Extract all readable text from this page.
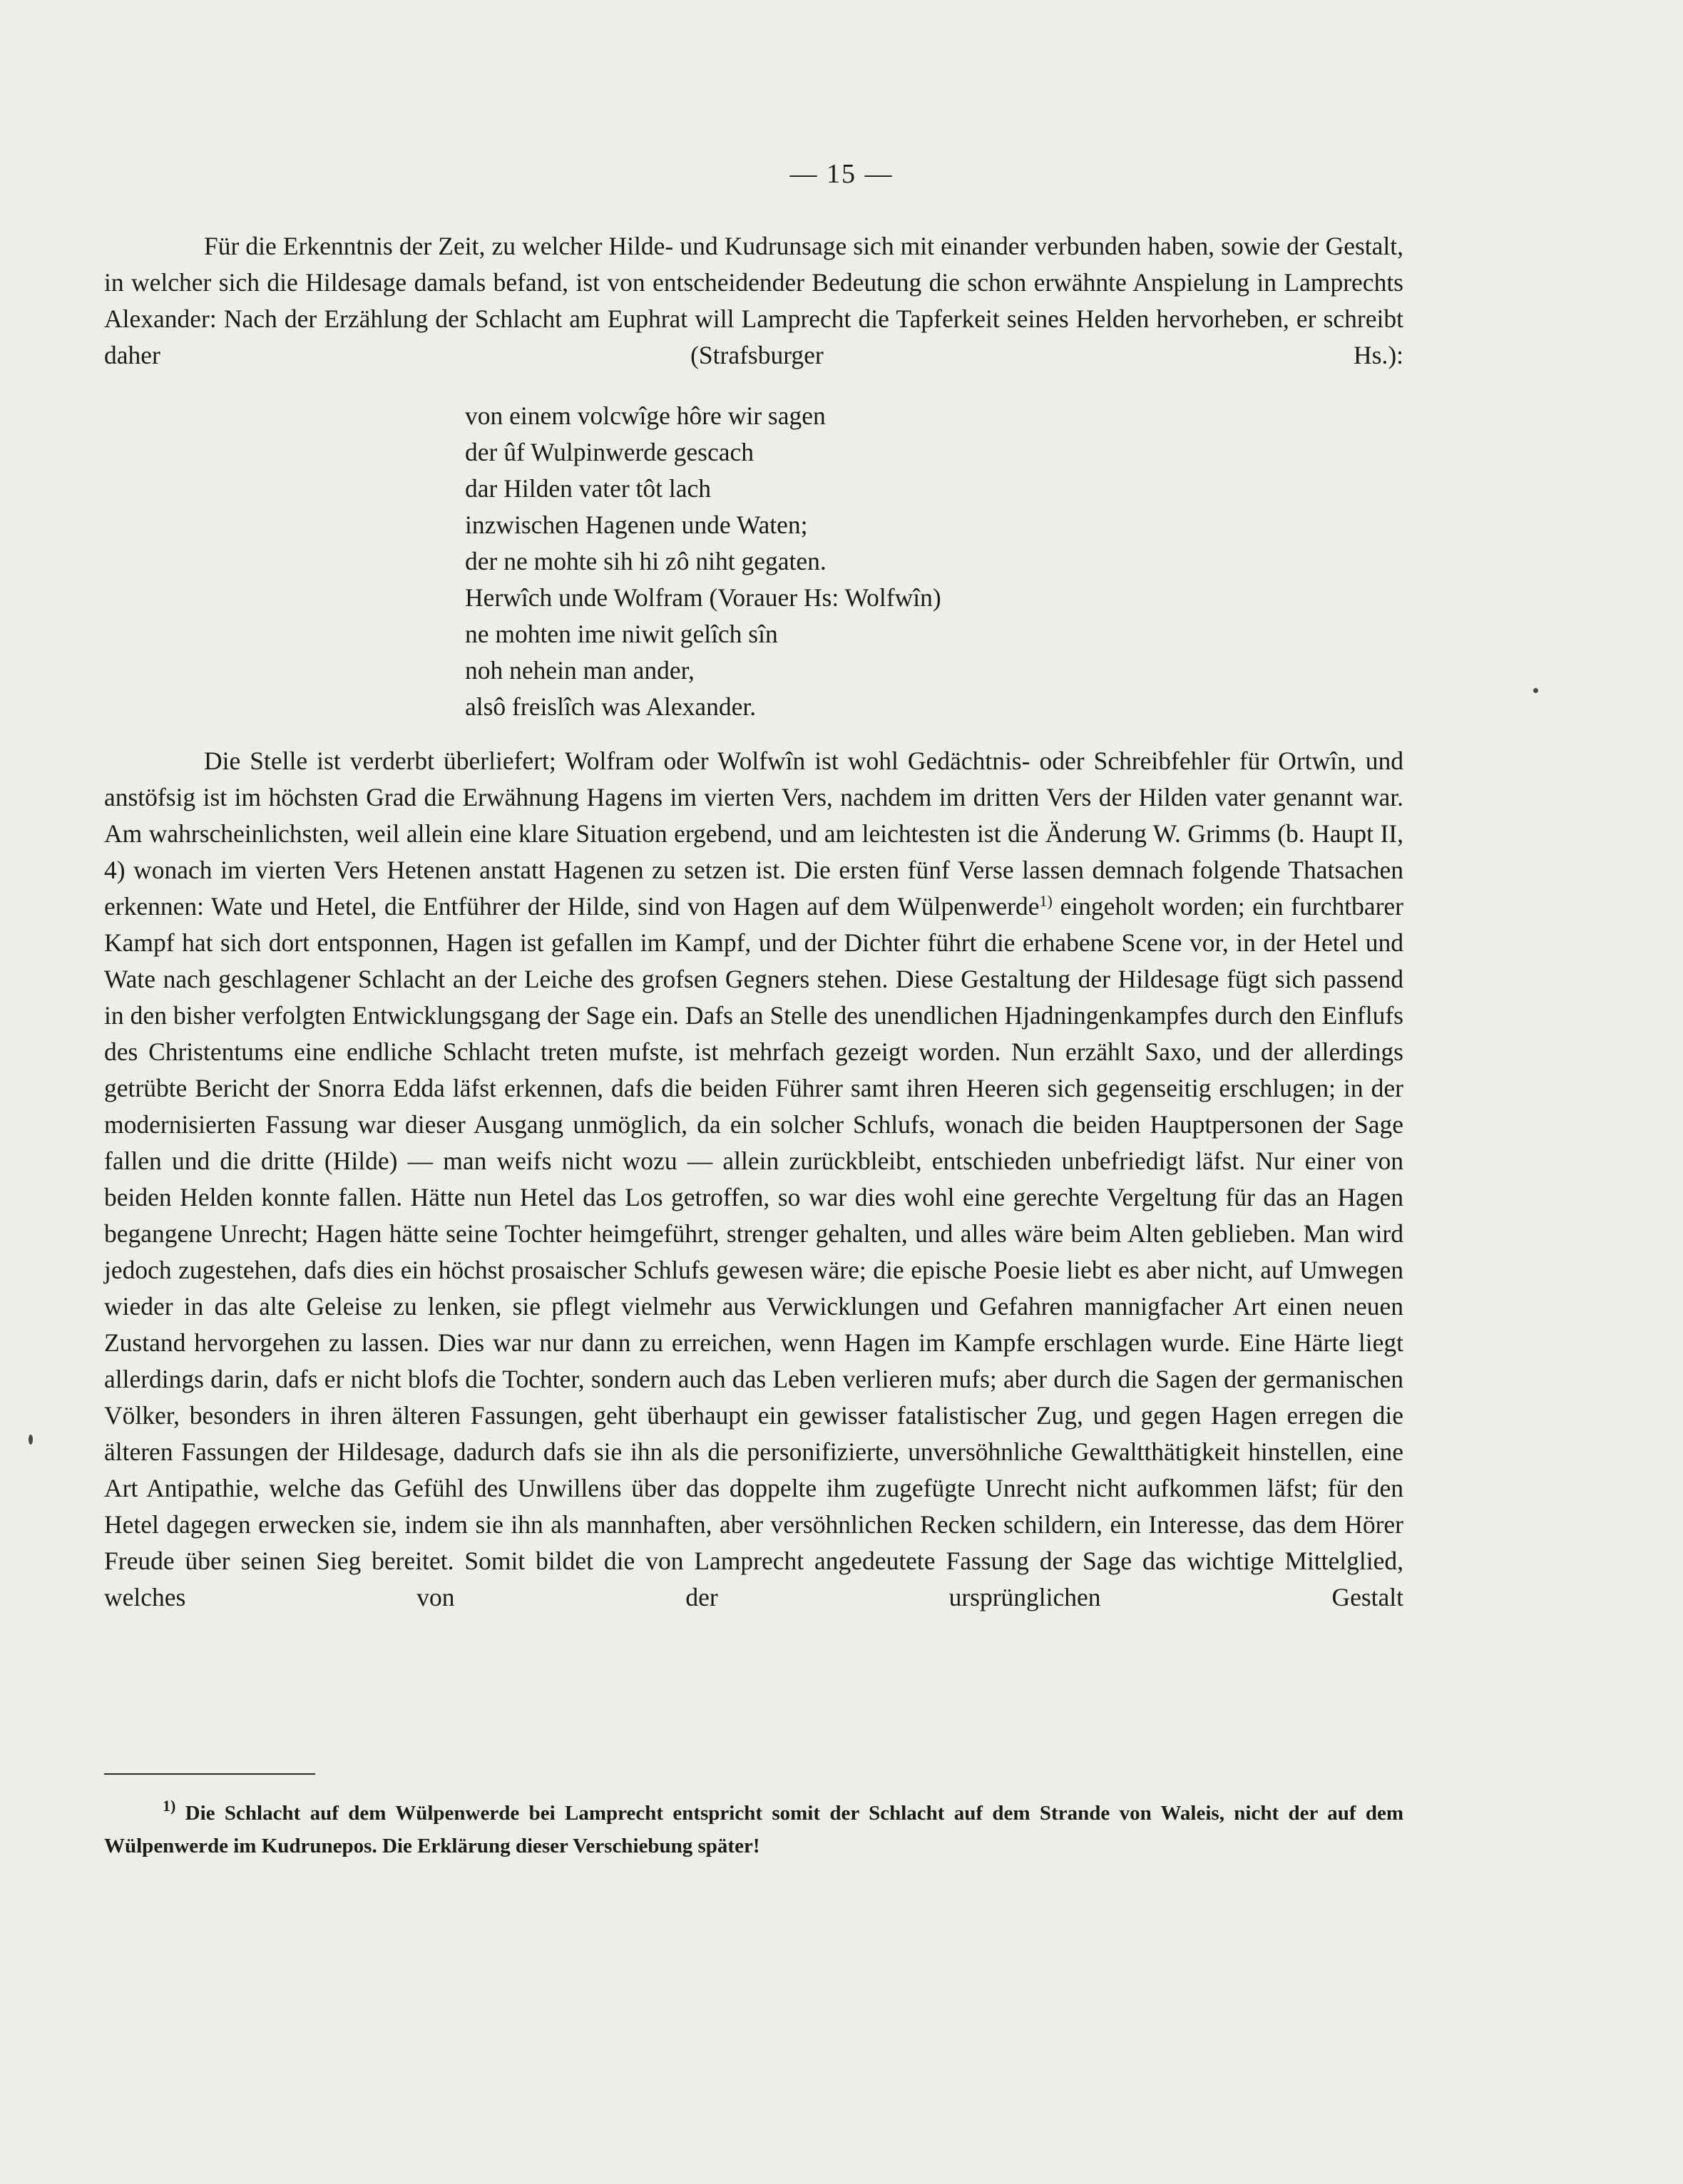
— 15 —

Für die Erkenntnis der Zeit, zu welcher Hilde- und Kudrunsage sich mit einander verbunden haben, sowie der Gestalt, in welcher sich die Hildesage damals befand, ist von entscheidender Bedeutung die schon erwähnte Anspielung in Lamprechts Alexander: Nach der Erzählung der Schlacht am Euphrat will Lamprecht die Tapferkeit seines Helden hervorheben, er schreibt daher (Strafsburger Hs.):

von einem volcwîge hôre wir sagen
der ûf Wulpinwerde gescach
dar Hilden vater tôt lach
inzwischen Hagenen unde Waten;
der ne mohte sih hi zô niht gegaten.
Herwîch unde Wolfram (Vorauer Hs: Wolfwîn)
ne mohten ime niwit gelîch sîn
noh nehein man ander,
alsô freislîch was Alexander.

Die Stelle ist verderbt überliefert; Wolfram oder Wolfwîn ist wohl Gedächtnis- oder Schreibfehler für Ortwîn, und anstöfsig ist im höchsten Grad die Erwähnung Hagens im vierten Vers, nachdem im dritten Vers der Hilden vater genannt war. Am wahrscheinlichsten, weil allein eine klare Situation ergebend, und am leichtesten ist die Änderung W. Grimms (b. Haupt II, 4) wonach im vierten Vers Hetenen anstatt Hagenen zu setzen ist. Die ersten fünf Verse lassen demnach folgende Thatsachen erkennen: Wate und Hetel, die Entführer der Hilde, sind von Hagen auf dem Wülpenwerde$^{1)}$ eingeholt worden; ein furchtbarer Kampf hat sich dort entsponnen, Hagen ist gefallen im Kampf, und der Dichter führt die erhabene Scene vor, in der Hetel und Wate nach geschlagener Schlacht an der Leiche des grofsen Gegners stehen. Diese Gestaltung der Hildesage fügt sich passend in den bisher verfolgten Entwicklungsgang der Sage ein. Dafs an Stelle des unendlichen Hjadningenkampfes durch den Einflufs des Christentums eine endliche Schlacht treten mufste, ist mehrfach gezeigt worden. Nun erzählt Saxo, und der allerdings getrübte Bericht der Snorra Edda läfst erkennen, dafs die beiden Führer samt ihren Heeren sich gegenseitig erschlugen; in der modernisierten Fassung war dieser Ausgang unmöglich, da ein solcher Schlufs, wonach die beiden Hauptpersonen der Sage fallen und die dritte (Hilde) — man weifs nicht wozu — allein zurückbleibt, entschieden unbefriedigt läfst. Nur einer von beiden Helden konnte fallen. Hätte nun Hetel das Los getroffen, so war dies wohl eine gerechte Vergeltung für das an Hagen begangene Unrecht; Hagen hätte seine Tochter heimgeführt, strenger gehalten, und alles wäre beim Alten geblieben. Man wird jedoch zugestehen, dafs dies ein höchst prosaischer Schlufs gewesen wäre; die epische Poesie liebt es aber nicht, auf Umwegen wieder in das alte Geleise zu lenken, sie pflegt vielmehr aus Verwicklungen und Gefahren mannigfacher Art einen neuen Zustand hervorgehen zu lassen. Dies war nur dann zu erreichen, wenn Hagen im Kampfe erschlagen wurde. Eine Härte liegt allerdings darin, dafs er nicht blofs die Tochter, sondern auch das Leben verlieren mufs; aber durch die Sagen der germanischen Völker, besonders in ihren älteren Fassungen, geht überhaupt ein gewisser fatalistischer Zug, und gegen Hagen erregen die älteren Fassungen der Hildesage, dadurch dafs sie ihn als die personifizierte, unversöhnliche Gewaltthätigkeit hinstellen, eine Art Antipathie, welche das Gefühl des Unwillens über das doppelte ihm zugefügte Unrecht nicht aufkommen läfst; für den Hetel dagegen erwecken sie, indem sie ihn als mannhaften, aber versöhnlichen Recken schildern, ein Interesse, das dem Hörer Freude über seinen Sieg bereitet. Somit bildet die von Lamprecht angedeutete Fassung der Sage das wichtige Mittelglied, welches von der ursprünglichen Gestalt

$^{1)}$ Die Schlacht auf dem Wülpenwerde bei Lamprecht entspricht somit der Schlacht auf dem Strande von Waleis, nicht der auf dem Wülpenwerde im Kudrunepos. Die Erklärung dieser Verschiebung später!
